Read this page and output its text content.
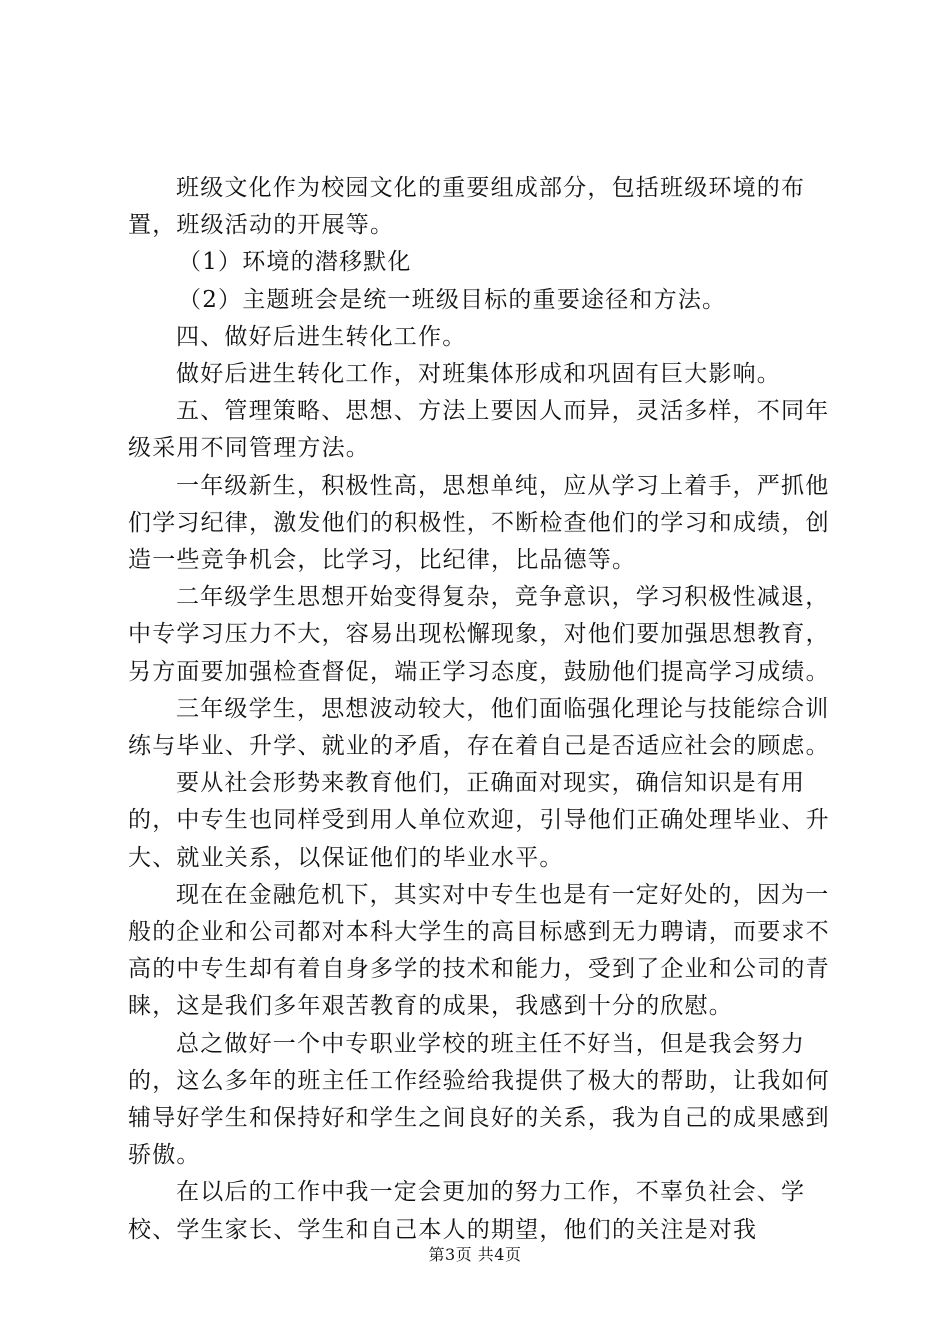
班级文化作为校园文化的重要组成部分，包括班级环境的布置，班级活动的开展等。

（1）环境的潜移默化

（2）主题班会是统一班级目标的重要途径和方法。

四、做好后进生转化工作。

做好后进生转化工作，对班集体形成和巩固有巨大影响。

五、管理策略、思想、方法上要因人而异，灵活多样，不同年级采用不同管理方法。

一年级新生，积极性高，思想单纯，应从学习上着手，严抓他们学习纪律，激发他们的积极性，不断检查他们的学习和成绩，创造一些竞争机会，比学习，比纪律，比品德等。

二年级学生思想开始变得复杂，竞争意识，学习积极性减退，中专学习压力不大，容易出现松懈现象，对他们要加强思想教育，另方面要加强检查督促，端正学习态度，鼓励他们提高学习成绩。

三年级学生，思想波动较大，他们面临强化理论与技能综合训练与毕业、升学、就业的矛盾，存在着自己是否适应社会的顾虑。

要从社会形势来教育他们，正确面对现实，确信知识是有用的，中专生也同样受到用人单位欢迎，引导他们正确处理毕业、升大、就业关系，以保证他们的毕业水平。

现在在金融危机下，其实对中专生也是有一定好处的，因为一般的企业和公司都对本科大学生的高目标感到无力聘请，而要求不高的中专生却有着自身多学的技术和能力，受到了企业和公司的青睐，这是我们多年艰苦教育的成果，我感到十分的欣慰。

总之做好一个中专职业学校的班主任不好当，但是我会努力的，这么多年的班主任工作经验给我提供了极大的帮助，让我如何辅导好学生和保持好和学生之间良好的关系，我为自己的成果感到骄傲。

在以后的工作中我一定会更加的努力工作，不辜负社会、学校、学生家长、学生和自己本人的期望，他们的关注是对我

第3页 共4页
